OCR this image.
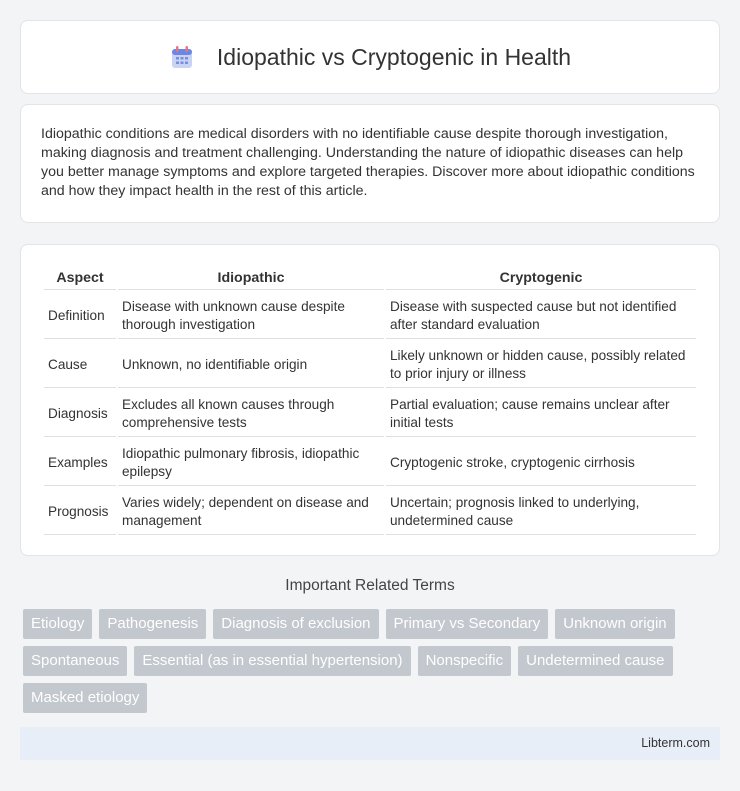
Idiopathic vs Cryptogenic in Health

Idiopathic conditions are medical disorders with no identifiable cause despite thorough investigation, making diagnosis and treatment challenging. Understanding the nature of idiopathic diseases can help you better manage symptoms and explore targeted therapies. Discover more about idiopathic conditions and how they impact health in the rest of this article.

Aspect	Idiopathic	Cryptogenic
Definition	Disease with unknown cause despite thorough investigation	Disease with suspected cause but not identified after standard evaluation
Cause	Unknown, no identifiable origin	Likely unknown or hidden cause, possibly related to prior injury or illness
Diagnosis	Excludes all known causes through comprehensive tests	Partial evaluation; cause remains unclear after initial tests
Examples	Idiopathic pulmonary fibrosis, idiopathic epilepsy	Cryptogenic stroke, cryptogenic cirrhosis
Prognosis	Varies widely; dependent on disease and management	Uncertain; prognosis linked to underlying, undetermined cause
Important Related Terms
Etiology	Pathogenesis	Diagnosis of exclusion	Primary vs Secondary	Unknown origin
Spontaneous	Essential (as in essential hypertension)	Nonspecific	Undetermined cause
Masked etiology
Libterm.com
